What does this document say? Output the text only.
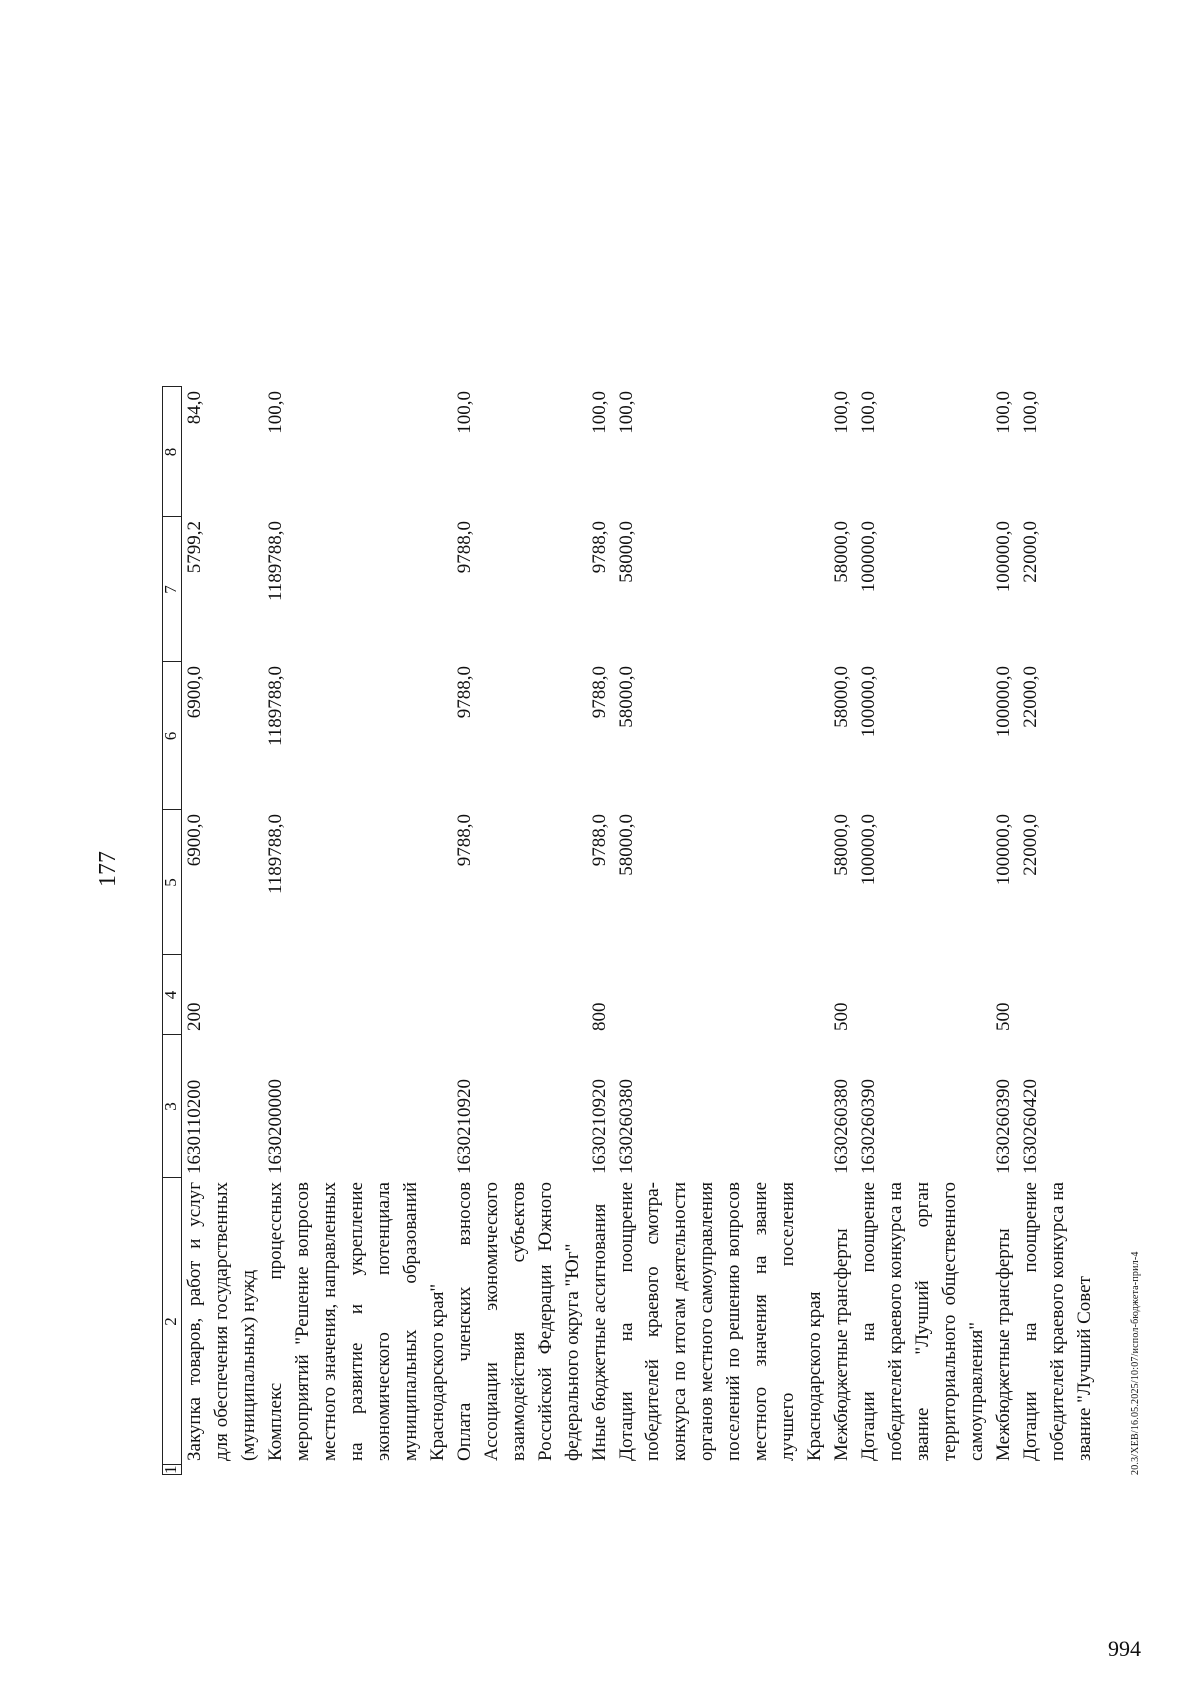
994
177
1	2	3	4	5	6	7	8
	Закупка товаров, работ и услуг для обеспечения государственных (муниципальных) нужд	1630110200	200	6900,0	6900,0	5799,2	84,0
	Комплекс процессных мероприятий "Решение вопросов местного значения, направленных на развитие и укрепление экономического потенциала муниципальных образований Краснодарского края"	1630200000		1189788,0	1189788,0	1189788,0	100,0
	Оплата членских взносов Ассоциации экономического взаимодействия субъектов Российской Федерации Южного федерального округа "Юг"	1630210920		9788,0	9788,0	9788,0	100,0
	Иные бюджетные ассигнования	1630210920	800	9788,0	9788,0	9788,0	100,0
	Дотации на поощрение победителей краевого смотра-конкурса по итогам деятельности органов местного самоуправления поселений по решению вопросов местного значения на звание лучшего поселения Краснодарского края	1630260380		58000,0	58000,0	58000,0	100,0
	Межбюджетные трансферты	1630260380	500	58000,0	58000,0	58000,0	100,0
	Дотации на поощрение победителей краевого конкурса на звание "Лучший орган территориального общественного самоуправления"	1630260390		100000,0	100000,0	100000,0	100,0
	Межбюджетные трансферты	1630260390	500	100000,0	100000,0	100000,0	100,0
	Дотации на поощрение победителей краевого конкурса на звание "Лучший Совет	1630260420		22000,0	22000,0	22000,0	100,0
20.3/ХЕВ/16.05.2025/10:07/испол-бюджета-прил-4
